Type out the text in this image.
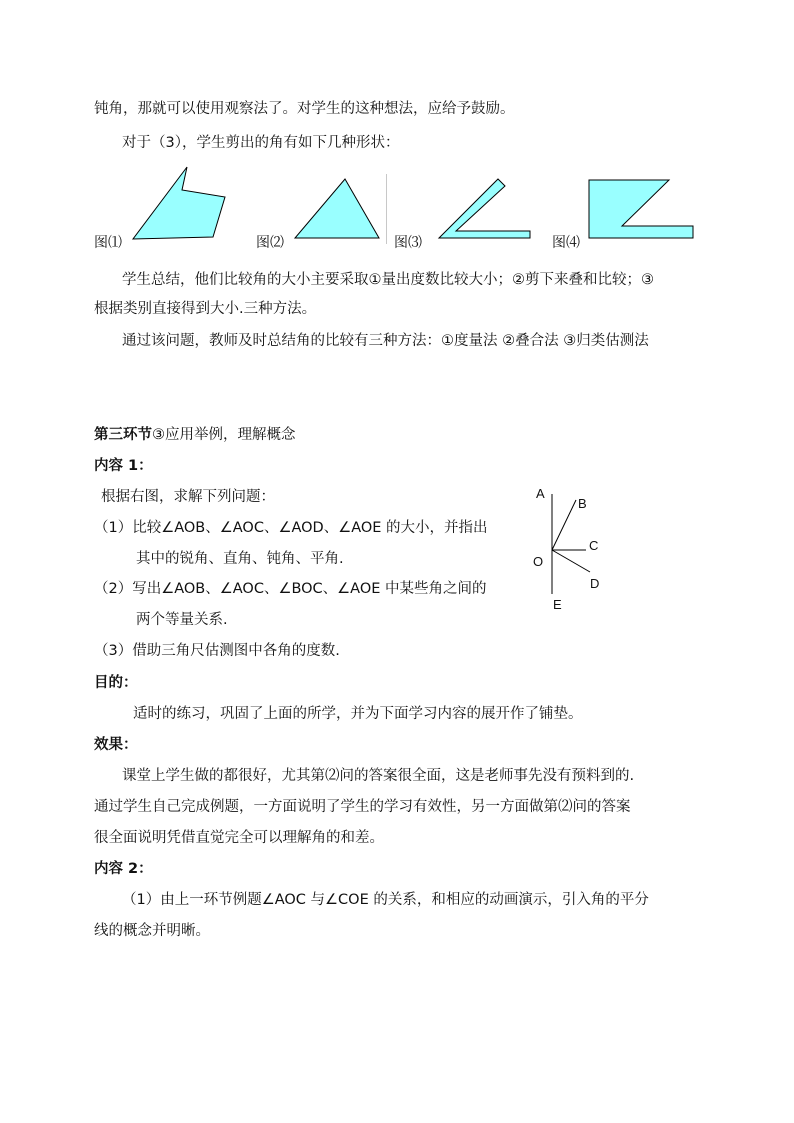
钝角，那就可以使用观察法了。对学生的这种想法，应给予鼓励。
对于（3），学生剪出的角有如下几种形状：
图⑴	图⑵	图⑶	图⑷
学生总结，他们比较角的大小主要采取①量出度数比较大小；②剪下来叠和比较；③
根据类别直接得到大小.三种方法。
通过该问题，教师及时总结角的比较有三种方法：①度量法 ②叠合法 ③归类估测法
第三环节③应用举例，理解概念
内容 1：
根据右图，求解下列问题：
（1）比较∠AOB、∠AOC、∠AOD、∠AOE 的大小，并指出
其中的锐角、直角、钝角、平角.
（2）写出∠AOB、∠AOC、∠BOC、∠AOE 中某些角之间的
两个等量关系.
（3）借助三角尺估测图中各角的度数.
A
B
C
D
O
E
目的：
适时的练习，巩固了上面的所学，并为下面学习内容的展开作了铺垫。
效果：
课堂上学生做的都很好，尤其第⑵问的答案很全面，这是老师事先没有预料到的.
通过学生自己完成例题，一方面说明了学生的学习有效性，另一方面做第⑵问的答案
很全面说明凭借直觉完全可以理解角的和差。
内容 2：
（1）由上一环节例题∠AOC 与∠COE 的关系，和相应的动画演示，引入角的平分
线的概念并明晰。
